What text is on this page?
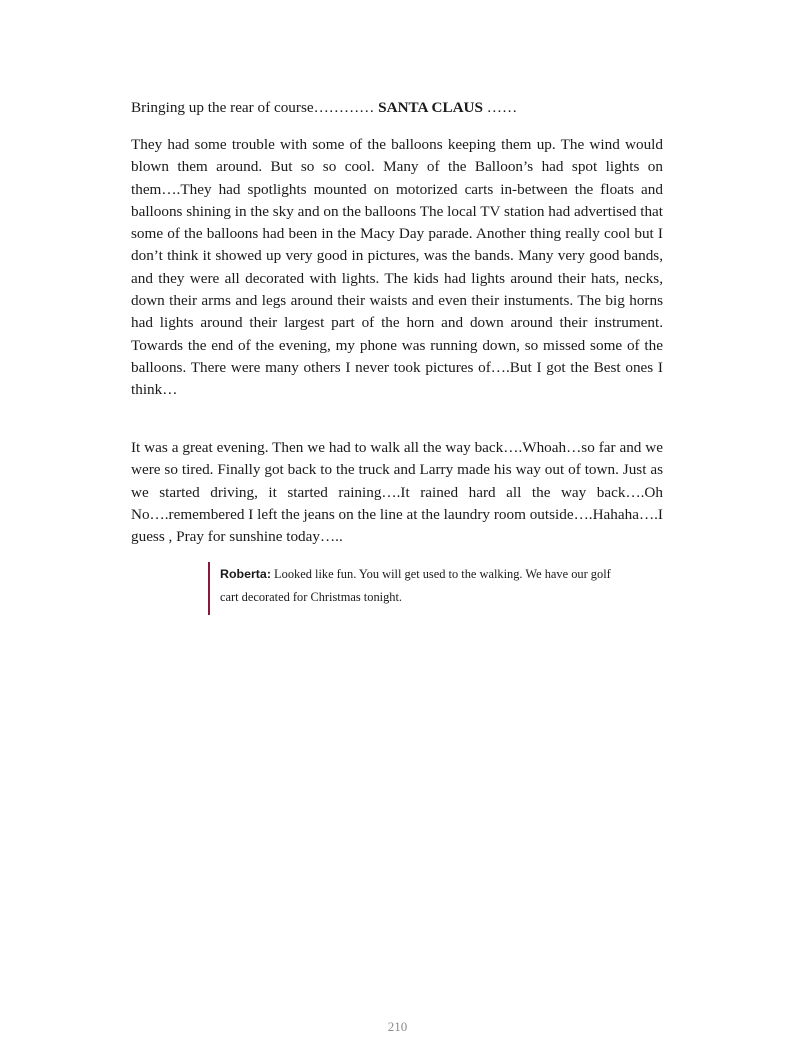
Bringing up the rear of course………… SANTA CLAUS ……

They had some trouble with some of the balloons keeping them up. The wind would blown them around. But so so cool. Many of the Balloon’s had spot lights on them….They had spotlights mounted on motorized carts in-between the floats and balloons shining in the sky and on the balloons The local TV station had advertised that some of the balloons had been in the Macy Day parade. Another thing really cool but I don’t think it showed up very good in pictures, was the bands. Many very good bands, and they were all decorated with lights. The kids had lights around their hats, necks, down their arms and legs around their waists and even their instuments. The big horns had lights around their largest part of the horn and down around their instrument. Towards the end of the evening, my phone was running down, so missed some of the balloons. There were many others I never took pictures of….But I got the Best ones I think…

It was a great evening. Then we had to walk all the way back….Whoah…so far and we were so tired. Finally got back to the truck and Larry made his way out of town. Just as we started driving, it started raining….It rained hard all the way back….Oh No….remembered I left the jeans on the line at the laundry room outside….Hahaha….I guess , Pray for sunshine today…..

Roberta: Looked like fun. You will get used to the walking. We have our golf cart decorated for Christmas tonight.

210
